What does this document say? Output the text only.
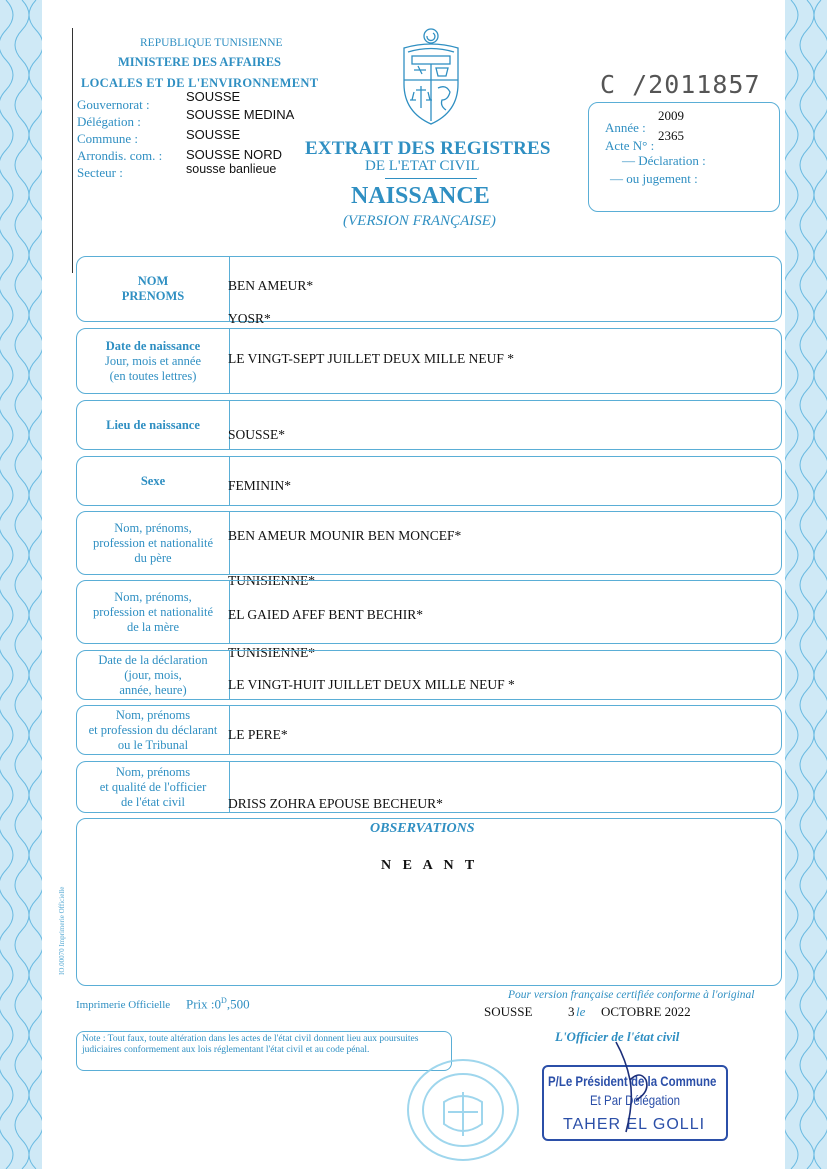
REPUBLIQUE TUNISIENNE
MINISTERE DES AFFAIRES
LOCALES ET DE L'ENVIRONNEMENT
Gouvernorat :
SOUSSE
Délégation :	SOUSSE MEDINA
Commune :	SOUSSE
Arrondis. com. : SOUSSE NORD
Secteur :	sousse banlieue
EXTRAIT DES REGISTRES
DE L'ETAT CIVIL
NAISSANCE
(VERSION FRANÇAISE)
C /2011857
Année :
2009
Acte N° :
2365
— Déclaration :
— ou jugement :
NOM
PRENOMS
BEN AMEUR*
YOSR*
Date de naissance
Jour, mois et année
(en toutes lettres)
LE VINGT-SEPT JUILLET DEUX MILLE NEUF *
Lieu de naissance
SOUSSE*
Sexe	FEMININ*
Nom, prénoms,
profession et nationalité
du père
BEN AMEUR MOUNIR BEN MONCEF*
TUNISIENNE*
Nom, prénoms,
profession et nationalité
de la mère
EL GAIED AFEF BENT BECHIR*
TUNISIENNE*
Date de la déclaration
(jour, mois,
année, heure)	LE VINGT-HUIT JUILLET DEUX MILLE NEUF *
Nom, prénoms
et profession du déclarant
ou le Tribunal
LE PERE*
Nom, prénoms
et qualité de l'officier
de l'état civil	DRISS ZOHRA EPOUSE BECHEUR*
OBSERVATIONS
N E A N T
IO.00070 Imprimerie Officielle
Imprimerie Officielle Prix $:0^D,500$
Note : Tout faux, toute altération dans les actes de l'état civil donnent lieu aux poursuites judiciaires conformement aux lois réglementant l'état civil et au code pénal.
Pour version française certifiée conforme à l'original
SOUSSE	3 le OCTOBRE 2022
L'Officier de l'état civil
P/Le Président de la Commune
Et Par Délégation
TAHER EL GOLLI
